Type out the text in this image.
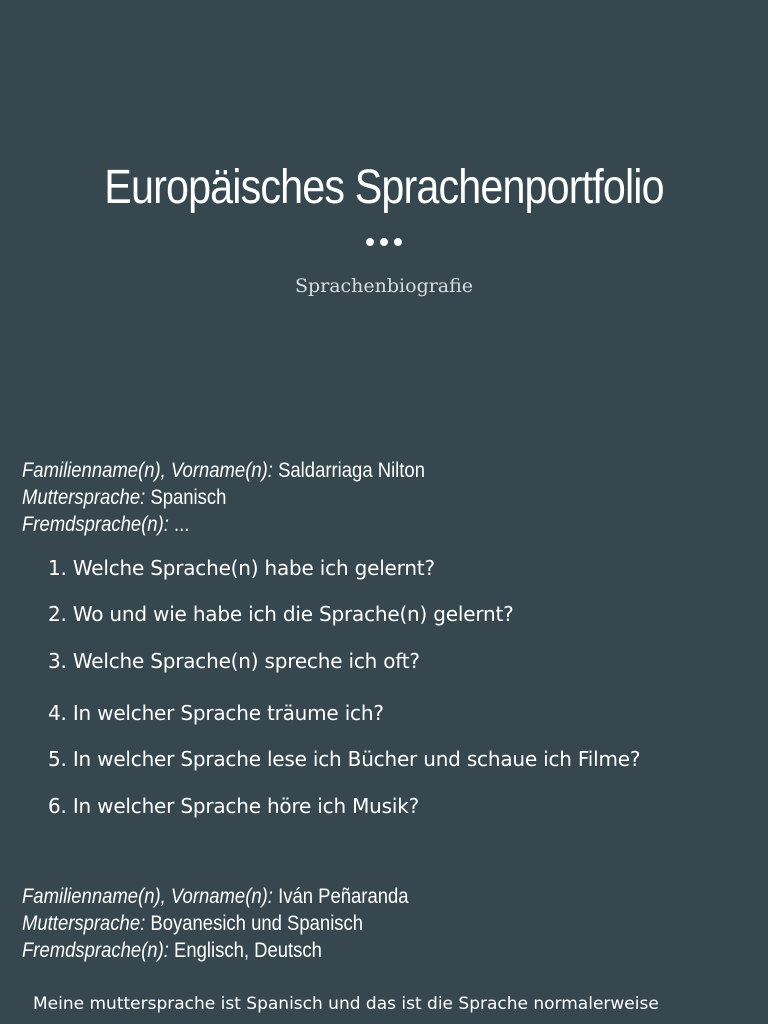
Europäisches Sprachenportfolio
Sprachenbiografie
Familienname(n), Vorname(n): Saldarriaga Nilton
Muttersprache: Spanisch
Fremdsprache(n): ...
1. Welche Sprache(n) habe ich gelernt?
2. Wo und wie habe ich die Sprache(n) gelernt?
3. Welche Sprache(n) spreche ich oft?
4. In welcher Sprache träume ich?
5. In welcher Sprache lese ich Bücher und schaue ich Filme?
6. In welcher Sprache höre ich Musik?
Familienname(n), Vorname(n): Iván Peñaranda
Muttersprache: Boyanesich und Spanisch
Fremdsprache(n): Englisch, Deutsch
Meine muttersprache ist Spanisch und das ist die Sprache normalerweise
